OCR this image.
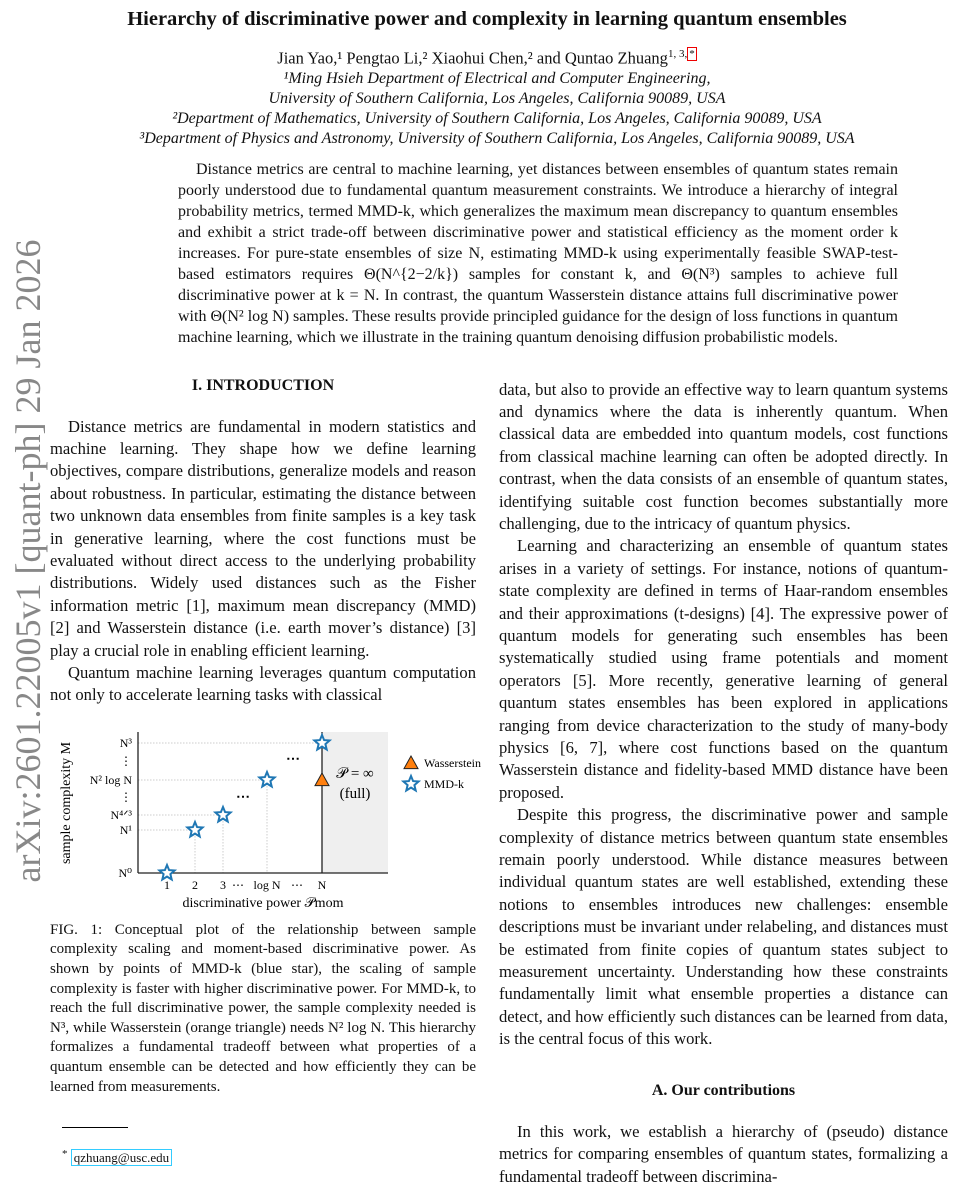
arXiv:2601.22005v1 [quant-ph] 29 Jan 2026
Hierarchy of discriminative power and complexity in learning quantum ensembles
Jian Yao,¹ Pengtao Li,² Xiaohui Chen,² and Quntao Zhuang$^{1, 3,}$ *
¹Ming Hsieh Department of Electrical and Computer Engineering,
University of Southern California, Los Angeles, California 90089, USA
²Department of Mathematics, University of Southern California, Los Angeles, California 90089, USA
³Department of Physics and Astronomy, University of Southern California, Los Angeles, California 90089, USA
Distance metrics are central to machine learning, yet distances between ensembles of quantum states remain poorly understood due to fundamental quantum measurement constraints. We introduce a hierarchy of integral probability metrics, termed MMD-k, which generalizes the maximum mean discrepancy to quantum ensembles and exhibit a strict trade-off between discriminative power and statistical efficiency as the moment order k increases. For pure-state ensembles of size N, estimating MMD-k using experimentally feasible SWAP-test-based estimators requires Θ(N^{2−2/k}) samples for constant k, and Θ(N³) samples to achieve full discriminative power at k = N. In contrast, the quantum Wasserstein distance attains full discriminative power with Θ(N² log N) samples. These results provide principled guidance for the design of loss functions in quantum machine learning, which we illustrate in the training quantum denoising diffusion probabilistic models.
I. INTRODUCTION

Distance metrics are fundamental in modern statistics and machine learning. They shape how we define learning objectives, compare distributions, generalize models and reason about robustness. In particular, estimating the distance between two unknown data ensembles from finite samples is a key task in generative learning, where the cost functions must be evaluated without direct access to the underlying probability distributions. Widely used distances such as the Fisher information metric [1], maximum mean discrepancy (MMD) [2] and Wasserstein distance (i.e. earth mover’s distance) [3] play a crucial role in enabling efficient learning.

Quantum machine learning leverages quantum computation not only to accelerate learning tasks with classical

1 2 3 ⋯ log N ⋯ N
N⁰
N¹
N⁴ᐟ³
⋮
N² log N
⋮
N³
discriminative power 𝒫mom
sample complexity M	𝒫 = ∞
(full)
⋯
⋯
Wasserstein
MMD-k
FIG. 1: Conceptual plot of the relationship between sample complexity scaling and moment-based discriminative power. As shown by points of MMD-k (blue star), the scaling of sample complexity is faster with higher discriminative power. For MMD-k, to reach the full discriminative power, the sample complexity needed is N³, while Wasserstein (orange triangle) needs N² log N. This hierarchy formalizes a fundamental tradeoff between what properties of a quantum ensemble can be detected and how efficiently they can be learned from measurements.
* qzhuang@usc.edu

data, but also to provide an effective way to learn quantum systems and dynamics where the data is inherently quantum. When classical data are embedded into quantum models, cost functions from classical machine learning can often be adopted directly. In contrast, when the data consists of an ensemble of quantum states, identifying suitable cost function becomes substantially more challenging, due to the intricacy of quantum physics.

Learning and characterizing an ensemble of quantum states arises in a variety of settings. For instance, notions of quantum-state complexity are defined in terms of Haar-random ensembles and their approximations (t-designs) [4]. The expressive power of quantum models for generating such ensembles has been systematically studied using frame potentials and moment operators [5]. More recently, generative learning of general quantum states ensembles has been explored in applications ranging from device characterization to the study of many-body physics [6, 7], where cost functions based on the quantum Wasserstein distance and fidelity-based MMD distance have been proposed.

Despite this progress, the discriminative power and sample complexity of distance metrics between quantum state ensembles remain poorly understood. While distance measures between individual quantum states are well established, extending these notions to ensembles introduces new challenges: ensemble descriptions must be invariant under relabeling, and distances must be estimated from finite copies of quantum states subject to measurement uncertainty. Understanding how these constraints fundamentally limit what ensemble properties a distance can detect, and how efficiently such distances can be learned from data, is the central focus of this work.

A. Our contributions

In this work, we establish a hierarchy of (pseudo) distance metrics for comparing ensembles of quantum states, formalizing a fundamental tradeoff between discrimina-
